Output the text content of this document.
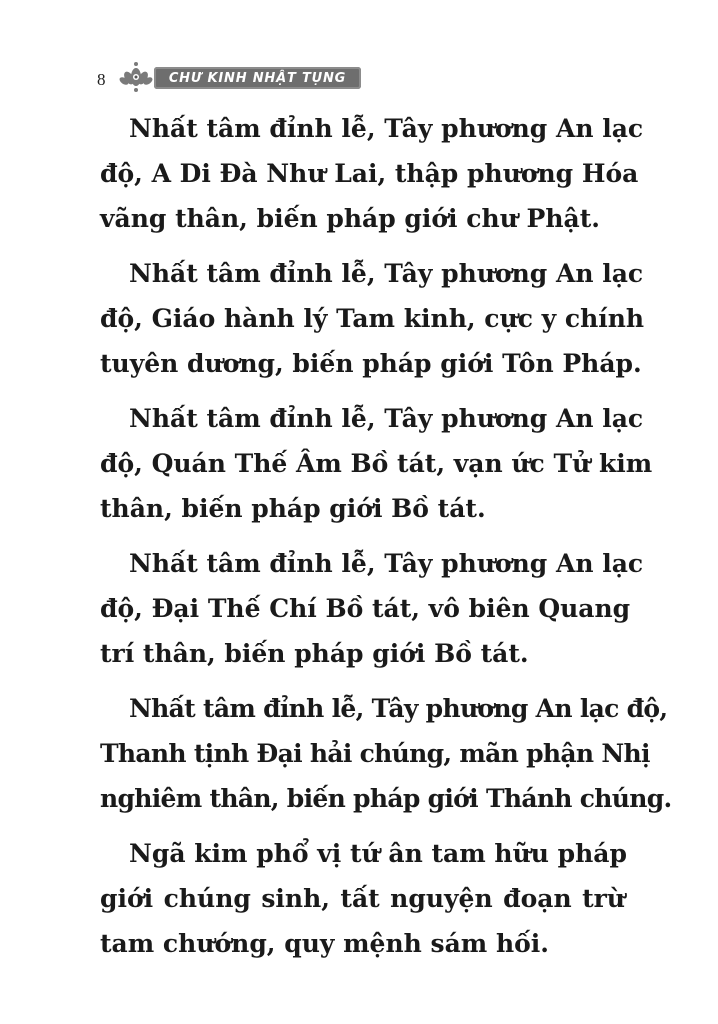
8	CHƯ KINH NHẬT TỤNG
Nhất tâm đỉnh lễ, Tây phương An lạc
độ, A Di Đà Như Lai, thập phương Hóa
vãng thân, biến pháp giới chư Phật.
Nhất tâm đỉnh lễ, Tây phương An lạc
độ, Giáo hành lý Tam kinh, cực y chính
tuyên dương, biến pháp giới Tôn Pháp.
Nhất tâm đỉnh lễ, Tây phương An lạc
độ, Quán Thế Âm Bồ tát, vạn ức Tử kim
thân, biến pháp giới Bồ tát.
Nhất tâm đỉnh lễ, Tây phương An lạc
độ, Đại Thế Chí Bồ tát, vô biên Quang
trí thân, biến pháp giới Bồ tát.
Nhất tâm đỉnh lễ, Tây phương An lạc độ,
Thanh tịnh Đại hải chúng, mãn phận Nhị
nghiêm thân, biến pháp giới Thánh chúng.
Ngã kim phổ vị tứ ân tam hữu pháp
giới chúng sinh, tất nguyện đoạn trừ
tam chướng, quy mệnh sám hối.
